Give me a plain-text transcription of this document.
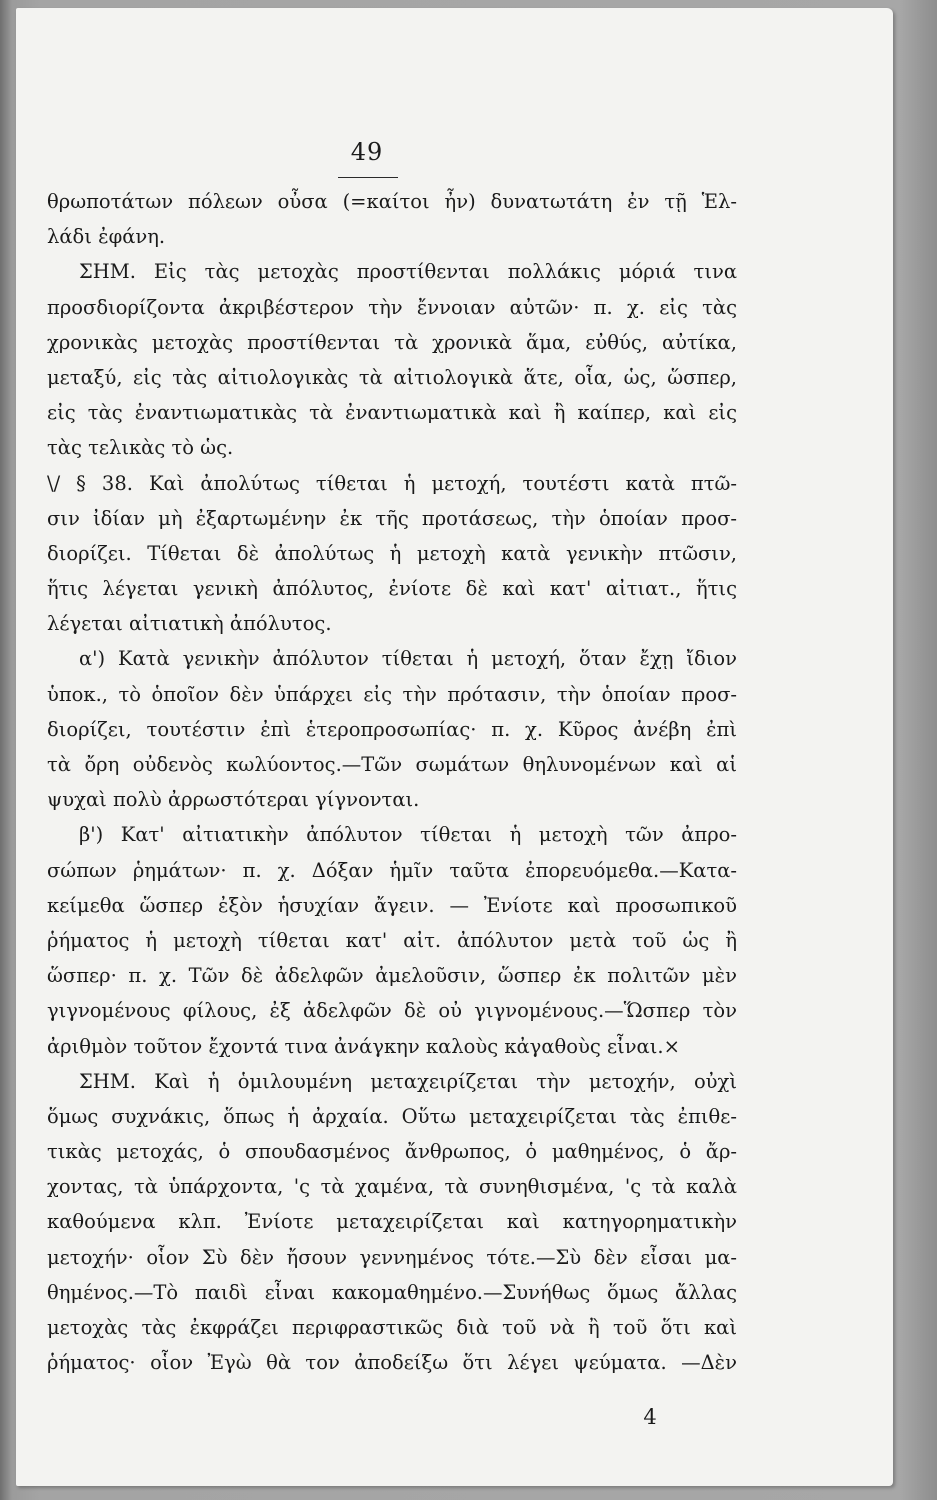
49
θρωποτάτων πόλεων οὖσα (=καίτοι ἦν) δυνατωτάτη ἐν τῇ Ἑλ-
λάδι ἐφάνη.
ΣΗΜ. Εἰς τὰς μετοχὰς προστίθενται πολλάκις μόριά τινα
προσδιορίζοντα ἀκριβέστερον τὴν ἔννοιαν αὐτῶν· π. χ. εἰς τὰς
χρονικὰς μετοχὰς προστίθενται τὰ χρονικὰ ἅμα, εὐθύς, αὐτίκα,
μεταξύ, εἰς τὰς αἰτιολογικὰς τὰ αἰτιολογικὰ ἅτε, οἷα, ὡς, ὥσπερ,
εἰς τὰς ἐναντιωματικὰς τὰ ἐναντιωματικὰ καὶ ἢ καίπερ, καὶ εἰς
τὰς τελικὰς τὸ ὡς.
\/ § 38. Καὶ ἀπολύτως τίθεται ἡ μετοχή, τουτέστι κατὰ πτῶ-
σιν ἰδίαν μὴ ἐξαρτωμένην ἐκ τῆς προτάσεως, τὴν ὁποίαν προσ-
διορίζει. Τίθεται δὲ ἀπολύτως ἡ μετοχὴ κατὰ γενικὴν πτῶσιν,
ἥτις λέγεται γενικὴ ἀπόλυτος, ἐνίοτε δὲ καὶ κατ' αἰτιατ., ἥτις
λέγεται αἰτιατικὴ ἀπόλυτος.
α') Κατὰ γενικὴν ἀπόλυτον τίθεται ἡ μετοχή, ὅταν ἔχῃ ἴδιον
ὑποκ., τὸ ὁποῖον δὲν ὑπάρχει εἰς τὴν πρότασιν, τὴν ὁποίαν προσ-
διορίζει, τουτέστιν ἐπὶ ἑτεροπροσωπίας· π. χ. Κῦρος ἀνέβη ἐπὶ
τὰ ὄρη οὐδενὸς κωλύοντος.—Τῶν σωμάτων θηλυνομένων καὶ αἱ
ψυχαὶ πολὺ ἀρρωστότεραι γίγνονται.
β') Κατ' αἰτιατικὴν ἀπόλυτον τίθεται ἡ μετοχὴ τῶν ἀπρο-
σώπων ῥημάτων· π. χ. Δόξαν ἡμῖν ταῦτα ἐπορευόμεθα.—Κατα-
κείμεθα ὥσπερ ἐξὸν ἡσυχίαν ἄγειν. — Ἐνίοτε καὶ προσωπικοῦ
ῥήματος ἡ μετοχὴ τίθεται κατ' αἰτ. ἀπόλυτον μετὰ τοῦ ὡς ἢ
ὥσπερ· π. χ. Τῶν δὲ ἀδελφῶν ἀμελοῦσιν, ὥσπερ ἐκ πολιτῶν μὲν
γιγνομένους φίλους, ἐξ ἀδελφῶν δὲ οὐ γιγνομένους.—Ὥσπερ τὸν
ἀριθμὸν τοῦτον ἔχοντά τινα ἀνάγκην καλοὺς κἀγαθοὺς εἶναι.×
ΣΗΜ. Καὶ ἡ ὁμιλουμένη μεταχειρίζεται τὴν μετοχήν, οὐχὶ
ὅμως συχνάκις, ὅπως ἡ ἀρχαία. Οὕτω μεταχειρίζεται τὰς ἐπιθε-
τικὰς μετοχάς, ὁ σπουδασμένος ἄνθρωπος, ὁ μαθημένος, ὁ ἄρ-
χοντας, τὰ ὑπάρχοντα, 'ς τὰ χαμένα, τὰ συνηθισμένα, 'ς τὰ καλὰ
καθούμενα κλπ. Ἐνίοτε μεταχειρίζεται καὶ κατηγορηματικὴν
μετοχήν· οἷον Σὺ δὲν ἤσουν γεννημένος τότε.—Σὺ δὲν εἶσαι μα-
θημένος.—Τὸ παιδὶ εἶναι κακομαθημένο.—Συνήθως ὅμως ἄλλας
μετοχὰς τὰς ἐκφράζει περιφραστικῶς διὰ τοῦ νὰ ἢ τοῦ ὅτι καὶ
ῥήματος· οἷον Ἐγὼ θὰ τον ἀποδείξω ὅτι λέγει ψεύματα. —Δὲν
4
